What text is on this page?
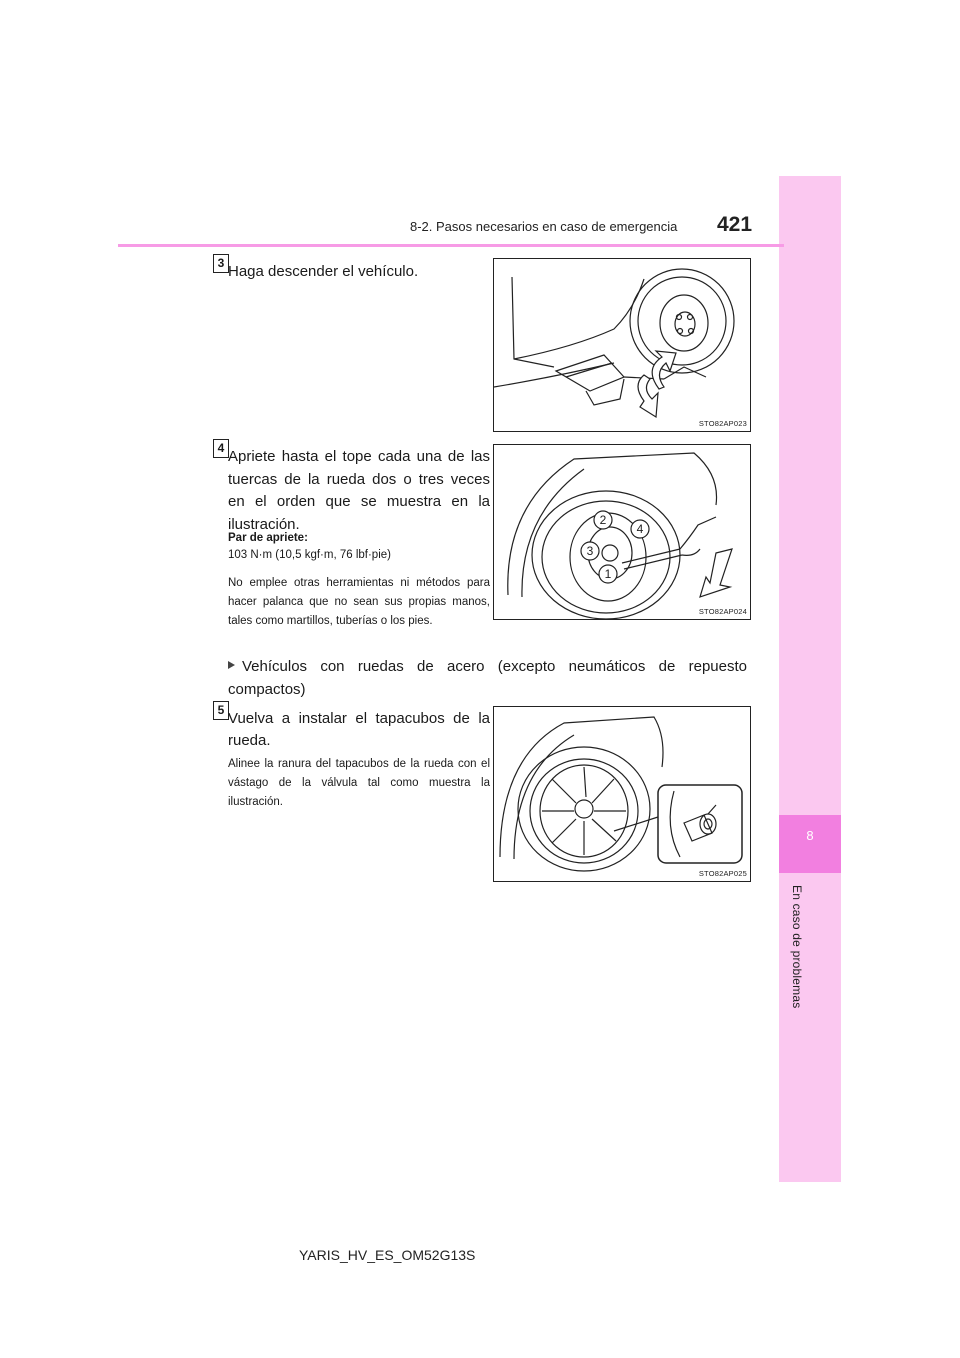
8
En caso de problemas
8-2. Pasos necesarios en caso de emergencia 421
3 Haga descender el vehículo.
STO82AP023
4 Apriete hasta el tope cada una de las tuercas de la rueda dos o tres veces en el orden que se muestra en la ilustración.
Par de apriete:
103 N·m (10,5 kgf·m, 76 lbf·pie)
No emplee otras herramientas ni métodos para hacer palanca que no sean sus propias manos, tales como martillos, tuberías o los pies.
2
4
3
1
STO82AP024
Vehículos con ruedas de acero (excepto neumáticos de repuesto compactos)
5 Vuelva a instalar el tapacubos de la rueda.
Alinee la ranura del tapacubos de la rueda con el vástago de la válvula tal como muestra la ilustración.
STO82AP025
YARIS_HV_ES_OM52G13S
